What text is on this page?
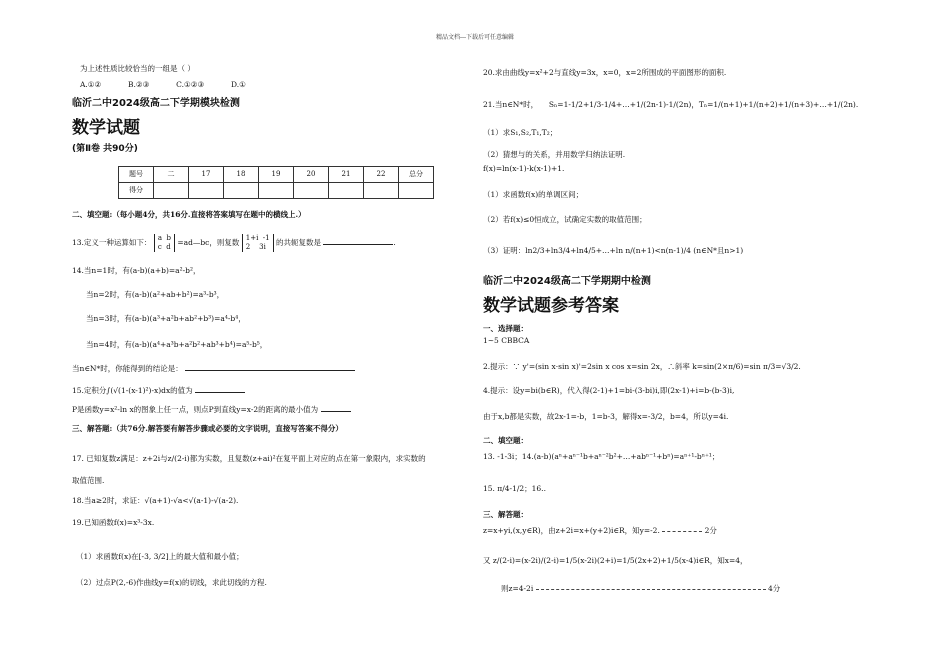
精品文档---下载后可任意编辑
为上述性质比较恰当的一组是（ ）
A.①②	B.②③	C.①②③	D.①
临沂二中2024级高二下学期模块检测
数学试题
(第Ⅱ卷 共90分)
题号	二	17	18	19	20	21	22	总分
得分								
二、填空题:（每小题4分，共16分.直接将答案填写在题中的横线上.）
13.定义一种运算如下： a  b
c  d =ad—bc，则复数 1+i  -1
2    3i 的共轭复数是	.
14.当n=1时，有(a-b)(a+b)=a²-b²，
当n=2时，有(a-b)(a²+ab+b²)=a³-b³，
当n=3时，有(a-b)(a³+a²b+ab²+b³)=a⁴-b⁴，
当n=4时，有(a-b)(a⁴+a³b+a²b²+ab³+b⁴)=a⁵-b⁵，
当n∈N*时，你能得到的结论是：
15.定积分∫(√(1-(x-1)²)-x)dx的值为
P是函数y=x²-ln x的图象上任一点，则点P到直线y=x-2的距离的最小值为
三、解答题:（共76分.解答要有解答步骤或必要的文字说明，直接写答案不得分）
17. 已知复数z满足：z+2i与z/(2-i)都为实数，且复数(z+ai)²在复平面上对应的点在第一象限内，求实数的
取值范围.
18.当a≥2时，求证：√(a+1)-√a<√(a-1)-√(a-2).
19.已知函数f(x)=x³-3x.
（1）求函数f(x)在[-3, 3/2]上的最大值和最小值；
（2）过点P(2,-6)作曲线y=f(x)的切线，求此切线的方程.
20.求由曲线y=x²+2与直线y=3x，x=0，x=2所围成的平面图形的面积.
21.当n∈N*时， Sₙ=1-1/2+1/3-1/4+…+1/(2n-1)-1/(2n)，Tₙ=1/(n+1)+1/(n+2)+1/(n+3)+…+1/(2n).
（1）求S₁,S₂,T₁,T₂；
（2）猜想与的关系，并用数学归纳法证明.
f(x)=ln(x-1)-k(x-1)+1.
（1）求函数f(x)的单调区间；
（2）若f(x)≤0恒成立，试确定实数的取值范围；
（3）证明：ln2/3+ln3/4+ln4/5+…+ln n/(n+1)<n(n-1)/4 (n∈N*且n>1)
临沂二中2024级高二下学期期中检测
数学试题参考答案
一、选择题：
1~5 CBBCA
2.提示：∵ y'=(sin x·sin x)'=2sin x cos x=sin 2x，∴斜率 k=sin(2×π/6)=sin π/3=√3/2.
4.提示：设y=bi(b∈R)，代入得(2-1)+1=bi-(3-bi)i,即(2x-1)+i=b-(b-3)i,
由于x,b都是实数，故2x-1=-b，1=b-3，解得x=-3/2，b=4，所以y=4i.
二、填空题：
13. -1-3i；14.(a-b)(aⁿ+aⁿ⁻¹b+aⁿ⁻²b²+…+abⁿ⁻¹+bⁿ)=aⁿ⁺¹-bⁿ⁺¹；
15. π/4-1/2；16..
三、解答题：
z=x+yi,(x,y∈R)，由z+2i=x+(y+2)i∈R，知y=-2.	2分
又 z/(2-i)=(x-2i)/(2-i)=1/5(x-2i)(2+i)=1/5(2x+2)+1/5(x-4)i∈R，知x=4，
则z=4-2i	4分
